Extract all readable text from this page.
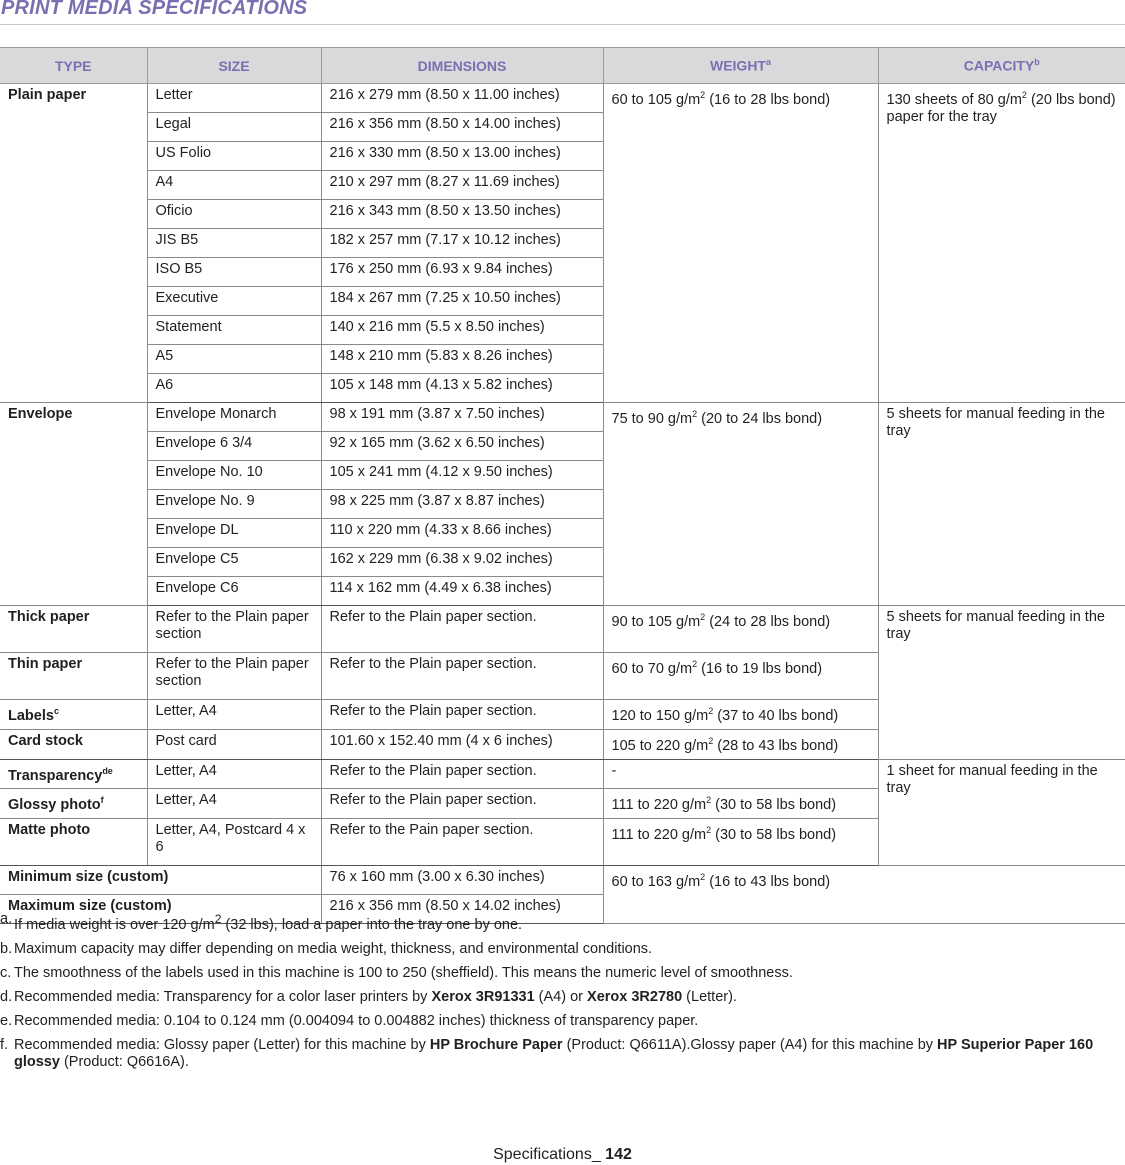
PRINT MEDIA SPECIFICATIONS
TYPE	SIZE	DIMENSIONS	WEIGHT$^a$	CAPACITY$^b$
Plain paper	Letter	216 x 279 mm (8.50 x 11.00 inches)	60 to 105 $g/m^2$ (16 to 28 lbs bond)	130 sheets of 80 $g/m^2$ (20 lbs bond) paper for the tray
	Legal	216 x 356 mm (8.50 x 14.00 inches)		
	US Folio	216 x 330 mm (8.50 x 13.00 inches)		
	A4	210 x 297 mm (8.27 x 11.69 inches)		
	Oficio	216 x 343 mm (8.50 x 13.50 inches)		
	JIS B5	182 x 257 mm (7.17 x 10.12 inches)		
	ISO B5	176 x 250 mm (6.93 x 9.84 inches)		
	Executive	184 x 267 mm (7.25 x 10.50 inches)		
	Statement	140 x 216 mm (5.5 x 8.50 inches)		
	A5	148 x 210 mm (5.83 x 8.26 inches)		
	A6	105 x 148 mm (4.13 x 5.82 inches)		
Envelope	Envelope Monarch	98 x 191 mm (3.87 x 7.50 inches)	75 to 90 $g/m^2$ (20 to 24 lbs bond)	5 sheets for manual feeding in the tray
	Envelope 6 3/4	92 x 165 mm (3.62 x 6.50 inches)		
	Envelope No. 10	105 x 241 mm (4.12 x 9.50 inches)		
	Envelope No. 9	98 x 225 mm (3.87 x 8.87 inches)		
	Envelope DL	110 x 220 mm (4.33 x 8.66 inches)		
	Envelope C5	162 x 229 mm (6.38 x 9.02 inches)		
	Envelope C6	114 x 162 mm (4.49 x 6.38 inches)		
Thick paper	Refer to the Plain paper section	Refer to the Plain paper section.	90 to 105 $g/m^2$ (24 to 28 lbs bond)	5 sheets for manual feeding in the tray
Thin paper	Refer to the Plain paper section	Refer to the Plain paper section.	60 to 70 $g/m^2$ (16 to 19 lbs bond)	
Labels$^c$	Letter, A4	Refer to the Plain paper section.	120 to 150 $g/m^2$ (37 to 40 lbs bond)	
Card stock	Post card	101.60 x 152.40 mm (4 x 6 inches)	105 to 220 $g/m^2$ (28 to 43 lbs bond)	
Transparency$^{de}$	Letter, A4	Refer to the Plain paper section.	-	1 sheet for manual feeding in the tray
Glossy photo$^f$	Letter, A4	Refer to the Plain paper section.	111 to 220 $g/m^2$ (30 to 58 lbs bond)	
Matte photo	Letter, A4, Postcard 4 x 6	Refer to the Pain paper section.	111 to 220 $g/m^2$ (30 to 58 lbs bond)	
Minimum size (custom)		76 x 160 mm (3.00 x 6.30 inches)	60 to 163 $g/m^2$ (16 to 43 lbs bond)	
Maximum size (custom)		216 x 356 mm (8.50 x 14.02 inches)		
a. If media weight is over 120 $g/m^2$ (32 lbs), load a paper into the tray one by one.
b. Maximum capacity may differ depending on media weight, thickness, and environmental conditions.
c. The smoothness of the labels used in this machine is 100 to 250 (sheffield). This means the numeric level of smoothness.
d. Recommended media: Transparency for a color laser printers by Xerox 3R91331 (A4) or Xerox 3R2780 (Letter).
e. Recommended media: 0.104 to 0.124 mm (0.004094 to 0.004882 inches) thickness of transparency paper.
f. Recommended media: Glossy paper (Letter) for this machine by HP Brochure Paper (Product: Q6611A).Glossy paper (A4) for this machine by HP Superior Paper 160 glossy (Product: Q6616A).
Specifications_ 142
